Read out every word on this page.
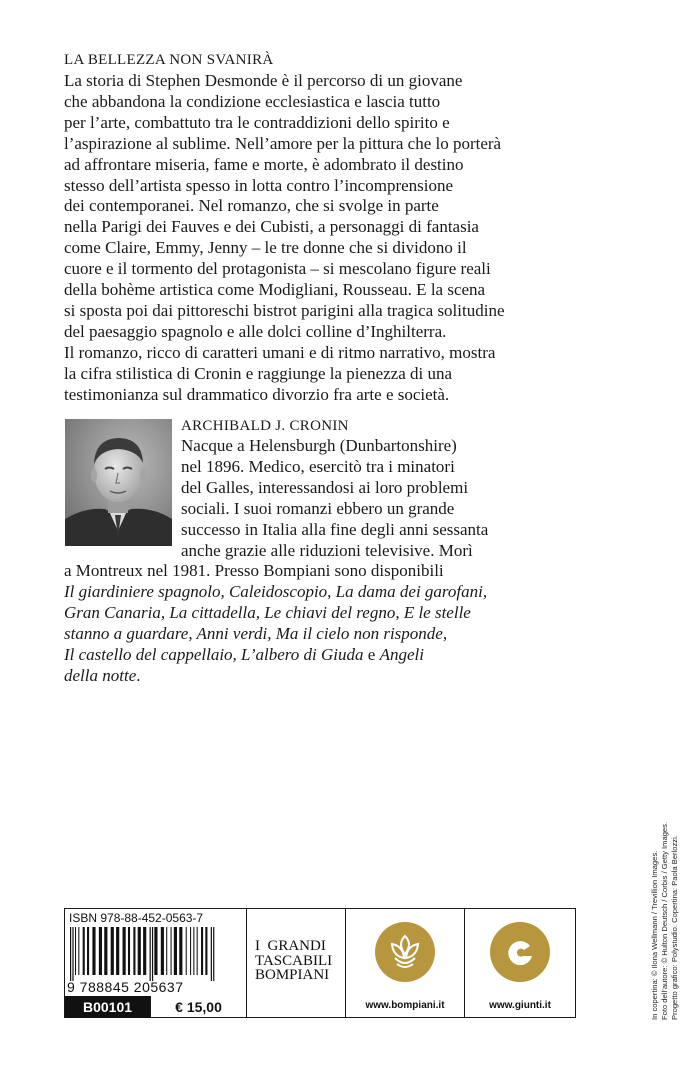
LA BELLEZZA NON SVANIRÀ
La storia di Stephen Desmonde è il percorso di un giovane
che abbandona la condizione ecclesiastica e lascia tutto
per l’arte, combattuto tra le contraddizioni dello spirito e
l’aspirazione al sublime. Nell’amore per la pittura che lo porterà
ad affrontare miseria, fame e morte, è adombrato il destino
stesso dell’artista spesso in lotta contro l’incomprensione
dei contemporanei. Nel romanzo, che si svolge in parte
nella Parigi dei Fauves e dei Cubisti, a personaggi di fantasia
come Claire, Emmy, Jenny – le tre donne che si dividono il
cuore e il tormento del protagonista – si mescolano figure reali
della bohème artistica come Modigliani, Rousseau. E la scena
si sposta poi dai pittoreschi bistrot parigini alla tragica solitudine
del paesaggio spagnolo e alle dolci colline d’Inghilterra.
Il romanzo, ricco di caratteri umani e di ritmo narrativo, mostra
la cifra stilistica di Cronin e raggiunge la pienezza di una
testimonianza sul drammatico divorzio fra arte e società.
ARCHIBALD J. CRONIN
Nacque a Helensburgh (Dunbartonshire)
nel 1896. Medico, esercitò tra i minatori
del Galles, interessandosi ai loro problemi
sociali. I suoi romanzi ebbero un grande
successo in Italia alla fine degli anni sessanta
anche grazie alle riduzioni televisive. Morì
a Montreux nel 1981. Presso Bompiani sono disponibili
Il giardiniere spagnolo, Caleidoscopio, La dama dei garofani,
Gran Canaria, La cittadella, Le chiavi del regno, E le stelle
stanno a guardare, Anni verdi, Ma il cielo non risponde,
Il castello del cappellaio, L’albero di Giuda e Angeli
della notte.
In copertina: © Ilona Wellmann / Trevillion Images. Foto dell’autore: © Hulton Deutsch / Corbis / Getty Images. Progetto grafico: Polystudio. Copertina: Paola Berlozzi.
ISBN 978-88-452-0563-7
9 788845 205637
B00101	€ 15,00
I  GRANDI
TASCABILI
BOMPIANI
www.bompiani.it	www.giunti.it
